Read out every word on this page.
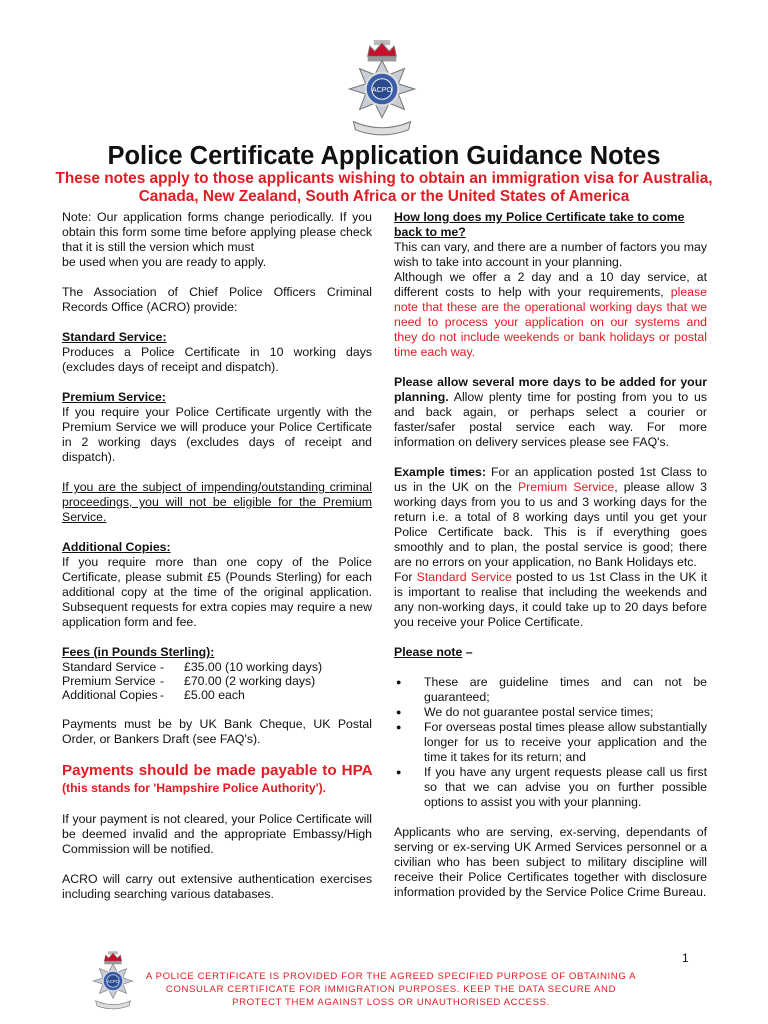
ACPO
Police Certificate Application Guidance Notes

These notes apply to those applicants wishing to obtain an immigration visa for Australia, Canada, New Zealand, South Africa or the United States of America

Note: Our application forms change periodically. If you obtain this form some time before applying please check that it is still the version which must

be used when you are ready to apply.

The Association of Chief Police Officers Criminal Records Office (ACRO) provide:

Standard Service:

Produces a Police Certificate in 10 working days (excludes days of receipt and dispatch).

Premium Service:

If you require your Police Certificate urgently with the Premium Service we will produce your Police Certificate in 2 working days (excludes days of receipt and dispatch).

If you are the subject of impending/outstanding criminal proceedings, you will not be eligible for the Premium Service.

Additional Copies:

If you require more than one copy of the Police Certificate, please submit £5 (Pounds Sterling) for each additional copy at the time of the original application. Subsequent requests for extra copies may require a new application form and fee.

Fees (in Pounds Sterling):

Standard Service	-	£35.00 (10 working days)
Premium Service	-	£70.00 (2 working days)
Additional Copies	-	£5.00 each

Payments must be by UK Bank Cheque, UK Postal Order, or Bankers Draft (see FAQ's).

Payments should be made payable to HPA (this stands for 'Hampshire Police Authority').

If your payment is not cleared, your Police Certificate will be deemed invalid and the appropriate Embassy/High Commission will be notified.

ACRO will carry out extensive authentication exercises including searching various databases.

How long does my Police Certificate take to come back to me?

This can vary, and there are a number of factors you may wish to take into account in your planning.

Although we offer a 2 day and a 10 day service, at different costs to help with your requirements, please note that these are the operational working days that we need to process your application on our systems and they do not include weekends or bank holidays or postal time each way.

Please allow several more days to be added for your planning. Allow plenty time for posting from you to us and back again, or perhaps select a courier or faster/safer postal service each way. For more information on delivery services please see FAQ's.

Example times: For an application posted 1st Class to us in the UK on the Premium Service, please allow 3 working days from you to us and 3 working days for the return i.e. a total of 8 working days until you get your Police Certificate back. This is if everything goes smoothly and to plan, the postal service is good; there are no errors on your application, no Bank Holidays etc.

For Standard Service posted to us 1st Class in the UK it is important to realise that including the weekends and any non-working days, it could take up to 20 days before you receive your Police Certificate.

Please note –

● These are guideline times and can not be guaranteed;
● We do not guarantee postal service times;
● For overseas postal times please allow substantially longer for us to receive your application and the time it takes for its return; and
● If you have any urgent requests please call us first so that we can advise you on further possible options to assist you with your planning.

Applicants who are serving, ex-serving, dependants of serving or ex-serving UK Armed Services personnel or a civilian who has been subject to military discipline will receive their Police Certificates together with disclosure information provided by the Service Police Crime Bureau.

1
ACPO	A POLICE CERTIFICATE IS PROVIDED FOR THE AGREED SPECIFIED PURPOSE OF OBTAINING A CONSULAR CERTIFICATE FOR IMMIGRATION PURPOSES. KEEP THE DATA SECURE AND PROTECT THEM AGAINST LOSS OR UNAUTHORISED ACCESS.
